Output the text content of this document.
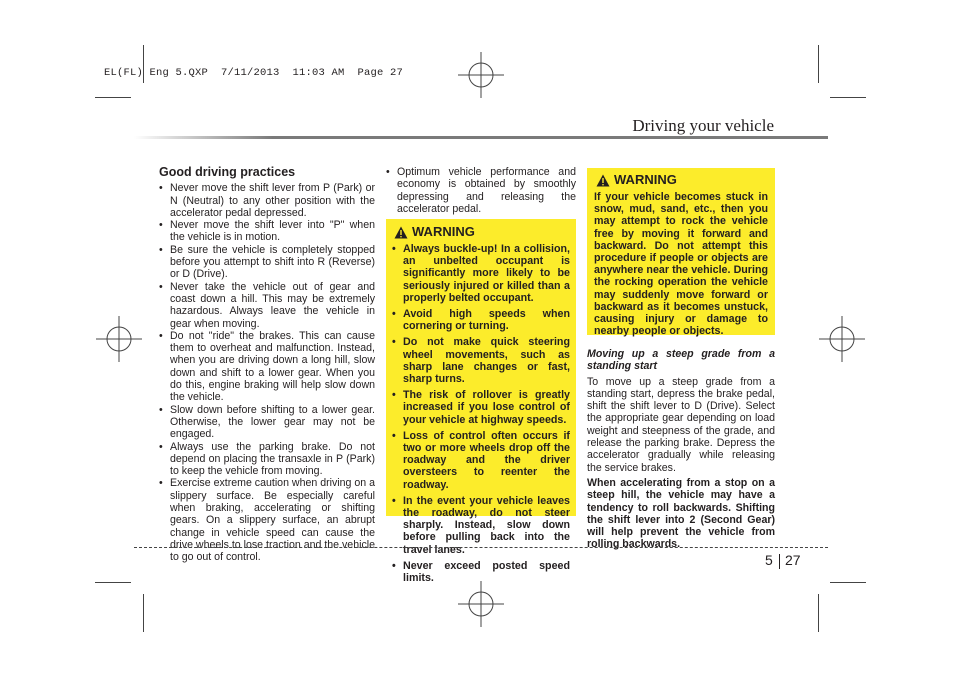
EL(FL) Eng 5.QXP  7/11/2013  11:03 AM  Page 27
Driving your vehicle
Good driving practices
• Never move the shift lever from P (Park) or N (Neutral) to any other position with the accelerator pedal depressed.
• Never move the shift lever into "P" when the vehicle is in motion.
• Be sure the vehicle is completely stopped before you attempt to shift into R (Reverse) or D (Drive).
• Never take the vehicle out of gear and coast down a hill. This may be extremely hazardous. Always leave the vehicle in gear when moving.
• Do not "ride" the brakes. This can cause them to overheat and malfunction. Instead, when you are driving down a long hill, slow down and shift to a lower gear. When you do this, engine braking will help slow down the vehicle.
• Slow down before shifting to a lower gear. Otherwise, the lower gear may not be engaged.
• Always use the parking brake. Do not depend on placing the transaxle in P (Park) to keep the vehicle from moving.
• Exercise extreme caution when driving on a slippery surface. Be especially careful when braking, accelerating or shifting gears. On a slippery surface, an abrupt change in vehicle speed can cause the drive wheels to lose traction and the vehicle to go out of control.
• Optimum vehicle performance and economy is obtained by smoothly depressing and releasing the accelerator pedal.
WARNING
• Always buckle-up! In a collision, an unbelted occupant is significantly more likely to be seriously injured or killed than a properly belted occupant.
• Avoid high speeds when cornering or turning.
• Do not make quick steering wheel movements, such as sharp lane changes or fast, sharp turns.
• The risk of rollover is greatly increased if you lose control of your vehicle at highway speeds.
• Loss of control often occurs if two or more wheels drop off the roadway and the driver oversteers to reenter the roadway.
• In the event your vehicle leaves the roadway, do not steer sharply. Instead, slow down before pulling back into the travel lanes.
• Never exceed posted speed limits.
WARNING
If your vehicle becomes stuck in snow, mud, sand, etc., then you may attempt to rock the vehicle free by moving it forward and backward. Do not attempt this procedure if people or objects are anywhere near the vehicle. During the rocking operation the vehicle may suddenly move forward or backward as it becomes unstuck, causing injury or damage to nearby people or objects.
Moving up a steep grade from a standing start
To move up a steep grade from a standing start, depress the brake pedal, shift the shift lever to D (Drive). Select the appropriate gear depending on load weight and steepness of the grade, and release the parking brake. Depress the accelerator gradually while releasing the service brakes.
When accelerating from a stop on a steep hill, the vehicle may have a tendency to roll backwards. Shifting the shift lever into 2 (Second Gear) will help prevent the vehicle from rolling backwards.
5 27
